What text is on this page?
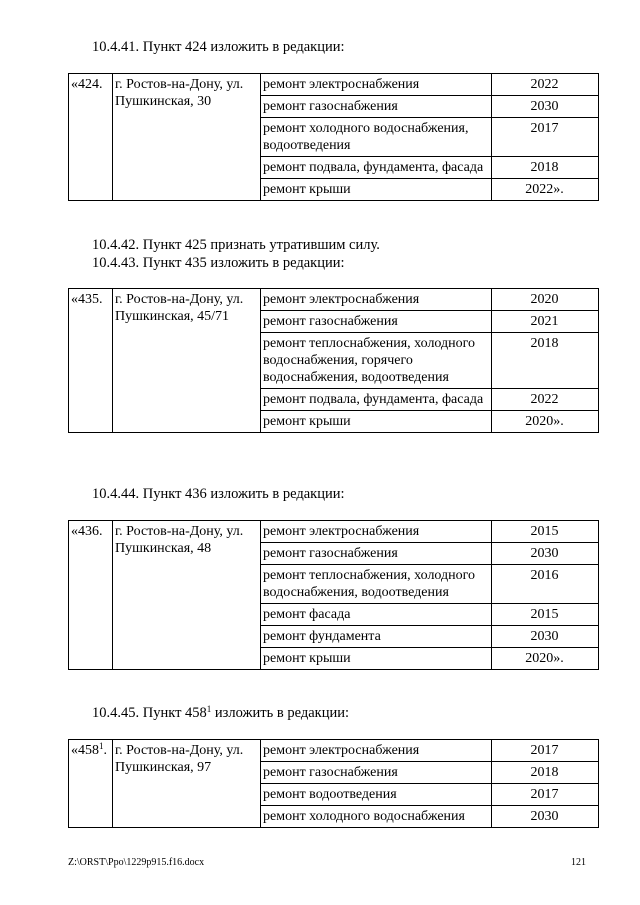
10.4.41. Пункт 424 изложить в редакции:
«424.	г. Ростов-на-Дону, ул. Пушкинская, 30	ремонт электроснабжения	2022
		ремонт газоснабжения	2030
		ремонт холодного водоснабжения, водоотведения	2017
		ремонт подвала, фундамента, фасада	2018
		ремонт крыши	2022».
10.4.42. Пункт 425 признать утратившим силу.
10.4.43. Пункт 435 изложить в редакции:
«435.	г. Ростов-на-Дону, ул. Пушкинская, 45/71	ремонт электроснабжения	2020
		ремонт газоснабжения	2021
		ремонт теплоснабжения, холодного водоснабжения, горячего водоснабжения, водоотведения	2018
		ремонт подвала, фундамента, фасада	2022
		ремонт крыши	2020».
10.4.44. Пункт 436 изложить в редакции:
«436.	г. Ростов-на-Дону, ул. Пушкинская, 48	ремонт электроснабжения	2015
		ремонт газоснабжения	2030
		ремонт теплоснабжения, холодного водоснабжения, водоотведения	2016
		ремонт фасада	2015
		ремонт фундамента	2030
		ремонт крыши	2020».
10.4.45. Пункт $458^1$ изложить в редакции:
«$458^1$.	г. Ростов-на-Дону, ул. Пушкинская, 97	ремонт электроснабжения	2017
		ремонт газоснабжения	2018
		ремонт водоотведения	2017
		ремонт холодного водоснабжения	2030
Z:\ORST\Ppo\1229p915.f16.docx	121
